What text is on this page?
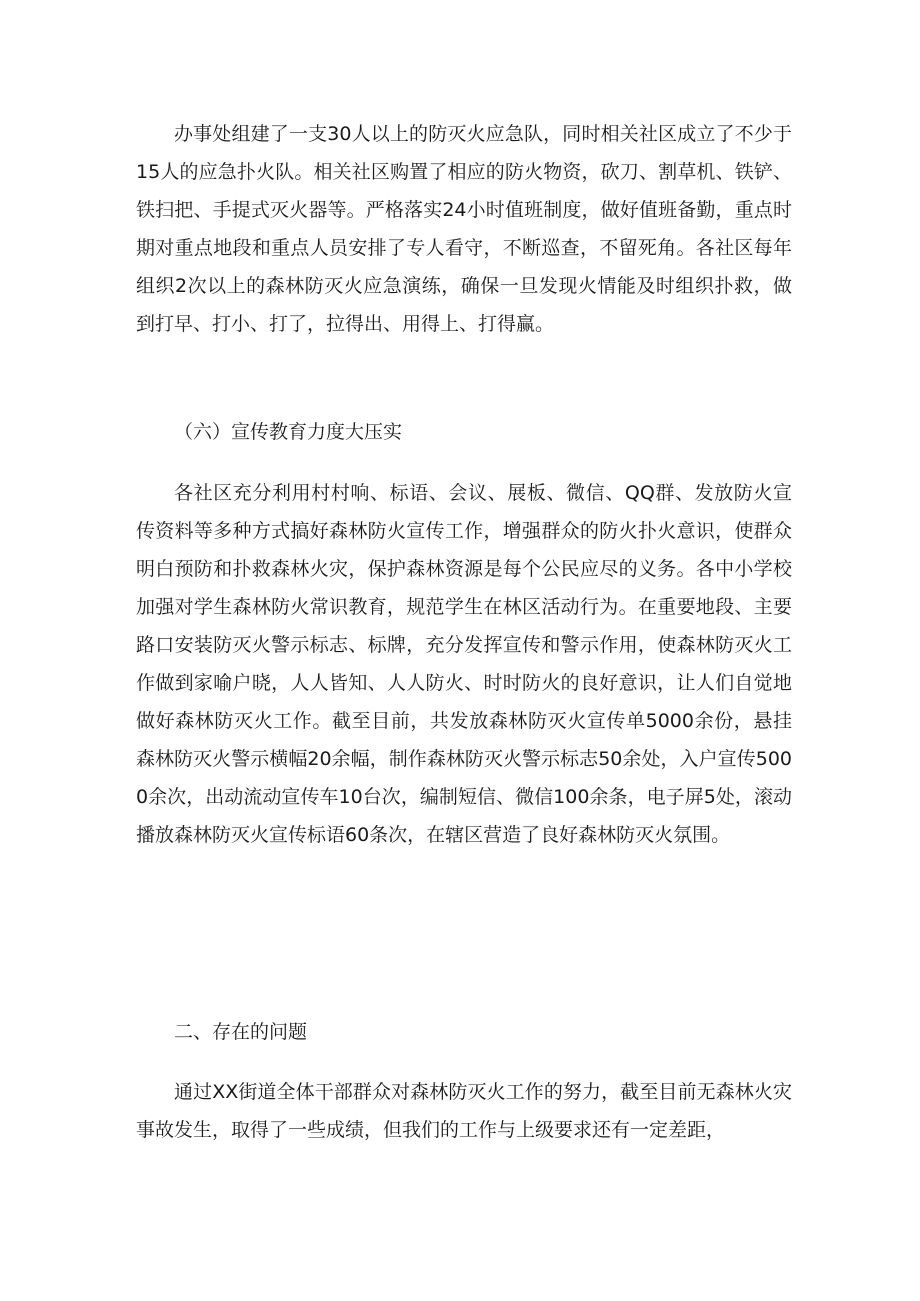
办事处组建了一支30人以上的防灭火应急队，同时相关社区成立了不少于15人的应急扑火队。相关社区购置了相应的防火物资，砍刀、割草机、铁铲、铁扫把、手提式灭火器等。严格落实24小时值班制度，做好值班备勤，重点时期对重点地段和重点人员安排了专人看守，不断巡查，不留死角。各社区每年组织2次以上的森林防灭火应急演练，确保一旦发现火情能及时组织扑救，做到打早、打小、打了，拉得出、用得上、打得赢。

（六）宣传教育力度大压实

各社区充分利用村村响、标语、会议、展板、微信、QQ群、发放防火宣传资料等多种方式搞好森林防火宣传工作，增强群众的防火扑火意识，使群众明白预防和扑救森林火灾，保护森林资源是每个公民应尽的义务。各中小学校加强对学生森林防火常识教育，规范学生在林区活动行为。在重要地段、主要路口安装防灭火警示标志、标牌，充分发挥宣传和警示作用，使森林防灭火工作做到家喻户晓，人人皆知、人人防火、时时防火的良好意识，让人们自觉地做好森林防灭火工作。截至目前，共发放森林防灭火宣传单5000余份，悬挂森林防灭火警示横幅20余幅，制作森林防灭火警示标志50余处，入户宣传5000余次，出动流动宣传车10台次，编制短信、微信100余条，电子屏5处，滚动播放森林防灭火宣传标语60条次，在辖区营造了良好森林防灭火氛围。

二、存在的问题

通过XX街道全体干部群众对森林防灭火工作的努力，截至目前无森林火灾事故发生，取得了一些成绩，但我们的工作与上级要求还有一定差距，
